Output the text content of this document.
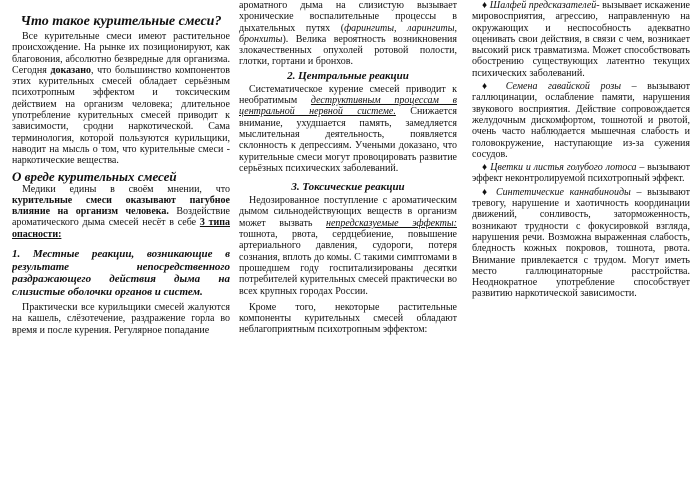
Что такое курительные смеси?

Все курительные смеси имеют растительное происхождение. На рынке их позиционируют, как благовония, абсолютно безвредные для организма. Сегодня доказано, что большинство компонентов этих курительных смесей обладает серьёзным психотропным эффектом и токсическим действием на организм человека; длительное употребление курительных смесей приводит к зависимости, сродни наркотической. Сама терминология, которой пользуются курильщики, наводит на мысль о том, что курительные смеси - наркотические вещества.

О вреде курительных смесей

Медики едины в своём мнении, что курительные смеси оказывают пагубное влияние на организм человека. Воздействие ароматического дыма смесей несёт в себе 3 типа опасности:

1. Местные реакции, возникающие в результате непосредственного раздражающего действия дыма на слизистые оболочки органов и систем.

Практически все курильщики смесей жалуются на кашель, слёзотечение, раздражение горла во время и после курения. Регулярное попадание

ароматного дыма на слизистую вызывает хронические воспалительные процессы в дыхательных путях (фарингиты, ларингиты, бронхиты). Велика вероятность возникновения злокачественных опухолей ротовой полости, глотки, гортани и бронхов.

2. Центральные реакции

Систематическое курение смесей приводит к необратимым деструктивным процессам в центральной нервной системе. Снижается внимание, ухудшается память, замедляется мыслительная деятельность, появляется склонность к депрессиям. Учеными доказано, что курительные смеси могут провоцировать развитие серьёзных психических заболеваний.

3. Токсические реакции

Недозированное поступление с ароматическим дымом сильнодействующих веществ в организм может вызвать непредсказуемые эффекты: тошнота, рвота, сердцебиение, повышение артериального давления, судороги, потеря сознания, вплоть до комы. С такими симптомами в прошедшем году госпитализированы десятки потребителей курительных смесей практически во всех крупных городах России.

Кроме того, некоторые растительные компоненты курительных смесей обладают неблагоприятным психотропным эффектом:

♦ Шалфей предсказателей- вызывает искажение мировосприятия, агрессию, направленную на окружающих и неспособность адекватно оценивать свои действия, в связи с чем, возникает высокий риск травматизма. Может способствовать обострению существующих латентно текущих психических заболеваний.

♦ Семена гавайской розы – вызывают галлюцинации, ослабление памяти, нарушения звукового восприятия. Действие сопровождается желудочным дискомфортом, тошнотой и рвотой, очень часто наблюдается мышечная слабость и головокружение, наступающие из-за сужения сосудов.

♦ Цветки и листья голубого лотоса – вызывают эффект неконтролируемой психотропный эффект.

♦ Синтетические каннабиноиды – вызывают тревогу, нарушение и хаотичность координации движений, сонливость, заторможенность, возникают трудности с фокусировкой взгляда, нарушения речи. Возможна выраженная слабость, бледность кожных покровов, тошнота, рвота. Внимание привлекается с трудом. Могут иметь место галлюцинаторные расстройства. Неоднократное употребление способствует развитию наркотической зависимости.
